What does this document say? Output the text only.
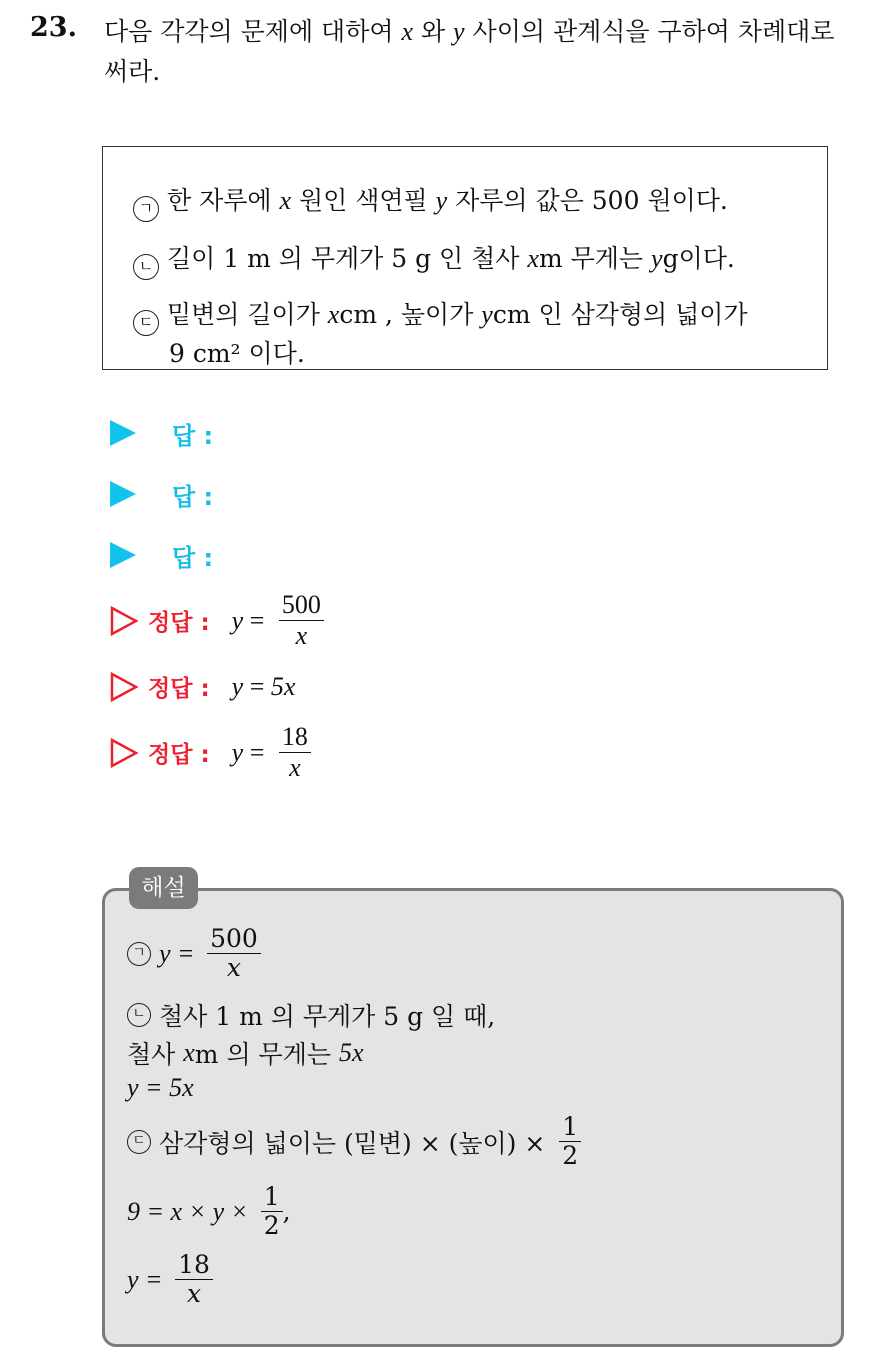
23. 다음 각각의 문제에 대하여 x 와 y 사이의 관계식을 구하여 차례대로
써라.
ㄱ 한 자루에 x 원인 색연필 y 자루의 값은 500 원이다.
ㄴ 길이 1 m 의 무게가 5 g 인 철사 xm 무게는 yg이다.
ㄷ 밑변의 길이가 xcm , 높이가 ycm 인 삼각형의 넓이가
9 cm² 이다.
답 :
답 :
답 :
정답 : $y = \frac{500}{x}$
정답 : y = 5x
정답 : $y = \frac{18}{x}$
해설
ㄱ $y = \frac{500}{x}$
ㄴ 철사 1 m 의 무게가 5 g 일 때,
철사 x m 의 무게는 5x
y = 5x
ㄷ 삼각형의 넓이는 (밑변) × (높이) × $\frac{1}{2}$
$9 = x \times y \times \frac{1}{2}$ ,
$y = \frac{18}{x}$
